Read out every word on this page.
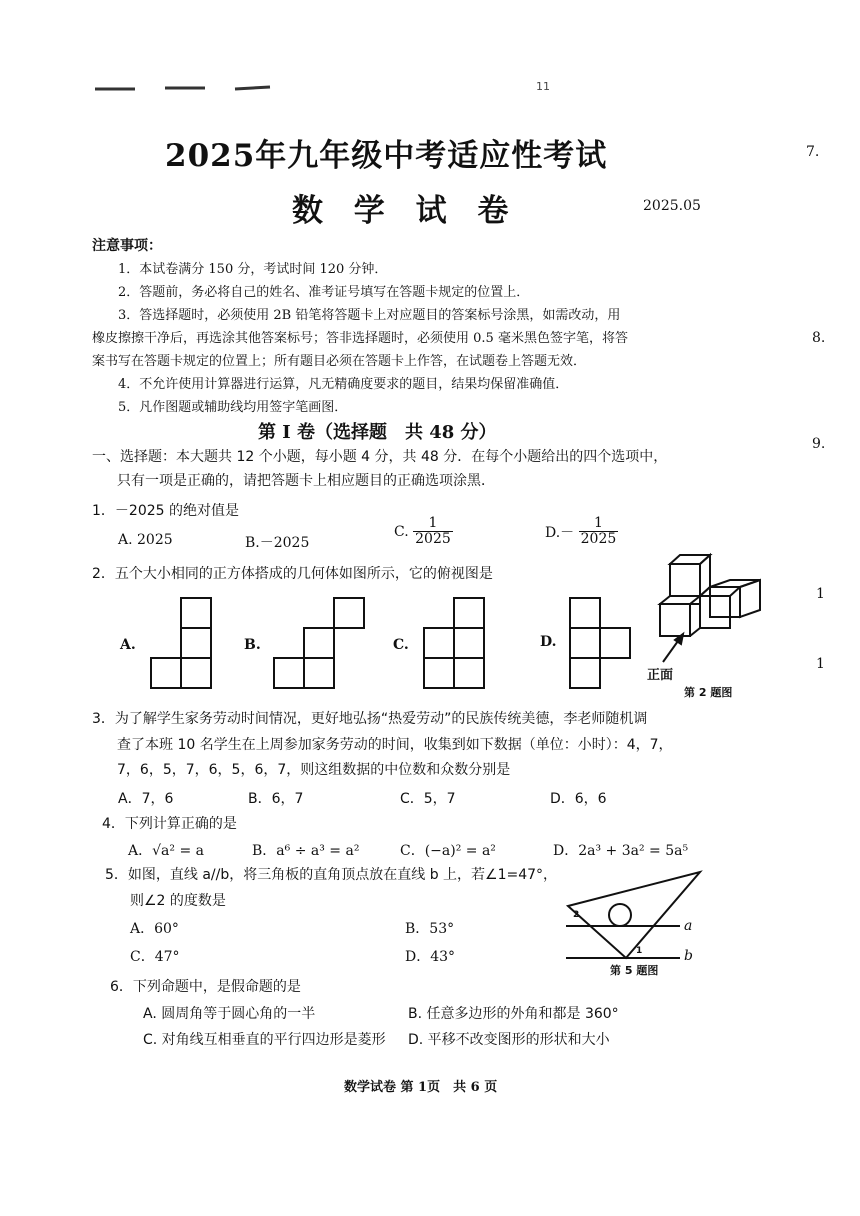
11
7.
8.
9.
1
1
2025年九年级中考适应性考试
数 学 试 卷	2025.05
注意事项：
1．本试卷满分 150 分，考试时间 120 分钟．
2．答题前，务必将自己的姓名、准考证号填写在答题卡规定的位置上．
3．答选择题时，必须使用 2B 铅笔将答题卡上对应题目的答案标号涂黑，如需改动，用
橡皮擦擦干净后，再选涂其他答案标号；答非选择题时，必须使用 0.5 毫米黑色签字笔，将答
案书写在答题卡规定的位置上；所有题目必须在答题卡上作答，在试题卷上答题无效．
4．不允许使用计算器进行运算，凡无精确度要求的题目，结果均保留准确值．
5．凡作图题或辅助线均用签字笔画图．
第 I 卷（选择题　共 48 分）
一、选择题：本大题共 12 个小题，每小题 4 分，共 48 分．在每个小题给出的四个选项中，
只有一项是正确的，请把答题卡上相应题目的正确选项涂黑．
1．－2025 的绝对值是
A. 2025	B.－2025
C. $\frac{1}{2025}$	$D.- \frac{1}{2025}$
2．五个大小相同的正方体搭成的几何体如图所示，它的俯视图是
A.	B.	C.	D.
正面
第 2 题图
3．为了解学生家务劳动时间情况，更好地弘扬“热爱劳动”的民族传统美德，李老师随机调
查了本班 10 名学生在上周参加家务劳动的时间，收集到如下数据（单位：小时）：4，7，
7，6，5，7，6，5，6，7，则这组数据的中位数和众数分别是
A．7，6	B．6，7	C．5，7	D．6，6
4．下列计算正确的是
A．√a² = a	B．a⁶ ÷ a³ = a²	C．(−a)² = a²	D．2a³ + 3a² = 5a⁵
5．如图，直线 a//b，将三角板的直角顶点放在直线 b 上，若∠1=47°，
则∠2 的度数是
A．60°	B．53°
C．47°	D．43°
a
b
1
2
第 5 题图
6．下列命题中，是假命题的是
A. 圆周角等于圆心角的一半	B. 任意多边形的外角和都是 360°
C. 对角线互相垂直的平行四边形是菱形 D. 平移不改变图形的形状和大小
数学试卷 第 1页　共 6 页
